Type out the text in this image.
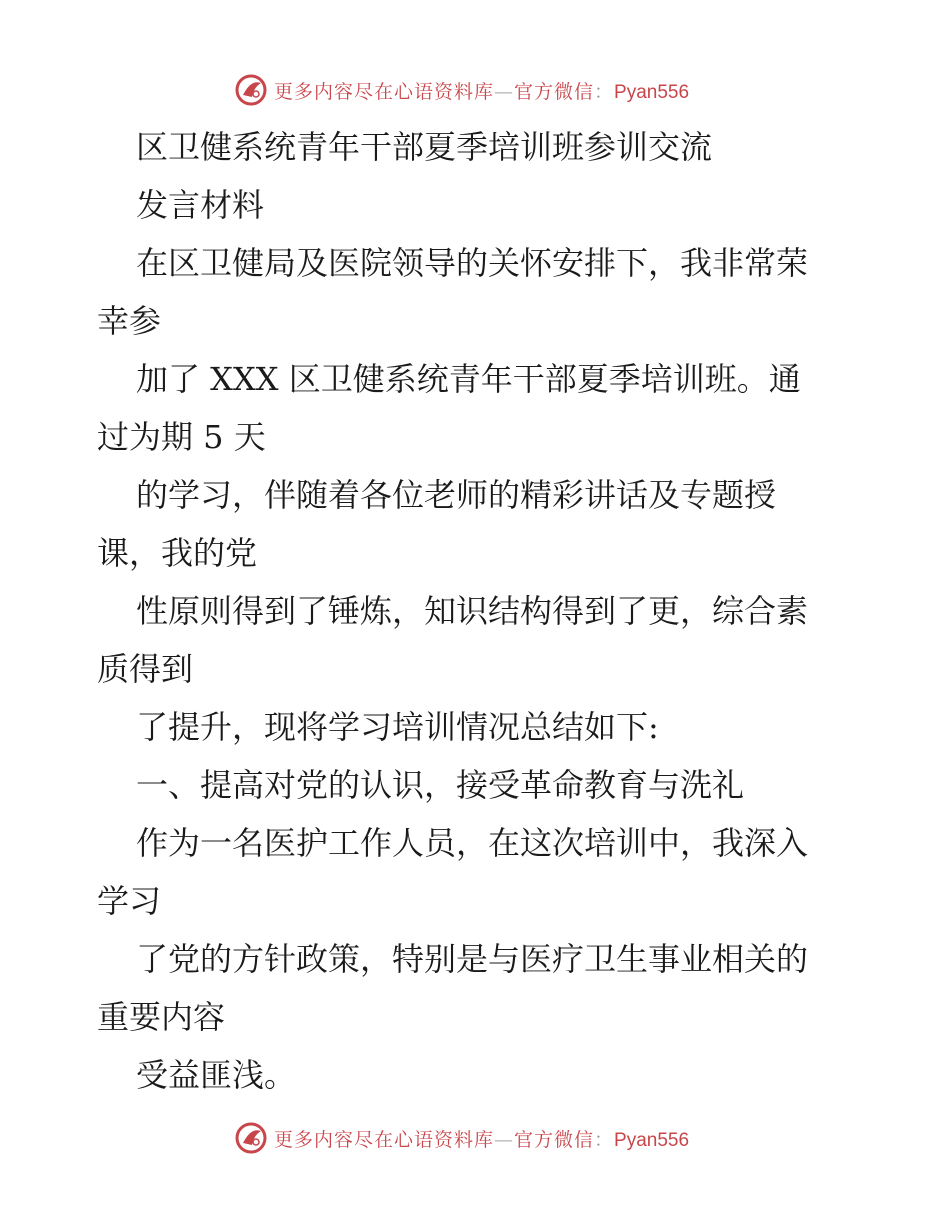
更多内容尽在心语资料库—官方微信：Pyan556
区卫健系统青年干部夏季培训班参训交流
发言材料
在区卫健局及医院领导的关怀安排下，我非常荣
幸参
加了 XXX 区卫健系统青年干部夏季培训班。通
过为期 5 天
的学习，伴随着各位老师的精彩讲话及专题授
课，我的党
性原则得到了锤炼，知识结构得到了更，综合素
质得到
了提升，现将学习培训情况总结如下:
一、提高对党的认识，接受革命教育与洗礼
作为一名医护工作人员，在这次培训中，我深入
学习
了党的方针政策，特别是与医疗卫生事业相关的
重要内容
受益匪浅。
更多内容尽在心语资料库—官方微信：Pyan556
